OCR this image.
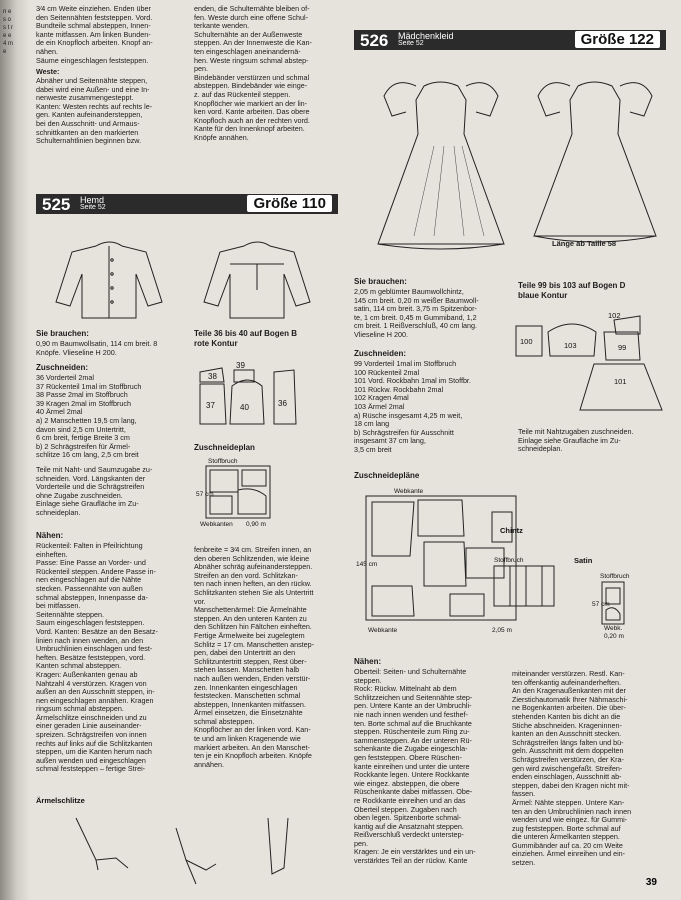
n e s o s t r e e 4 m e
3⁄4 cm Weite einziehen. Enden über
den Seitennähten feststeppen. Vord.
Bundteile schmal absteppen, Innen-
kante mitfassen. Am linken Bunden-
de ein Knopfloch arbeiten. Knopf an-
nähen.
Säume eingeschlagen feststeppen.
Weste:
Abnäher und Seitennähte steppen,
dabei wird eine Außen- und eine In-
nenweste zusammengesteppt.
Kanten: Westen rechts auf rechts le-
gen. Kanten aufeinandersteppen,
bei den Ausschnitt- und Armaus-
schnittkanten an den markierten
Schulternahtlinien beginnen bzw.
enden, die Schulternähte bleiben of-
fen. Weste durch eine offene Schul-
terkante wenden.
Schulternähte an der Außenweste
steppen. An der Innenweste die Kan-
ten eingeschlagen aneinandernä-
hen. Weste ringsum schmal abstep-
pen.
Bindebänder verstürzen und schmal
absteppen. Bindebänder wie einge-
z. auf das Rückenteil steppen.
Knopflöcher wie markiert an der lin-
ken vord. Kante arbeiten. Das obere
Knopfloch auch an der rechten vord.
Kante für den Innenknopf arbeiten.
Knöpfe annähen.
525 Hemd
Seite 52	Größe 110
Sie brauchen:
0,90 m Baumwollsatin, 114 cm breit. 8
Knöpfe. Vlieseline H 200.
Teile 36 bis 40 auf Bogen B
rote Kontur
38
39
37	40	36
Zuschneiden:
36 Vorderteil 2mal
37 Rückenteil 1mal im Stoffbruch
38 Passe 2mal im Stoffbruch
39 Kragen 2mal im Stoffbruch
40 Ärmel 2mal
a) 2 Manschetten 19,5 cm lang,
davon sind 2,5 cm Untertritt,
6 cm breit, fertige Breite 3 cm
b) 2 Schrägstreifen für Ärmel-
schlitze 16 cm lang, 2,5 cm breit
Teile mit Naht- und Saumzugabe zu-
schneiden. Vord. Längskanten der
Vorderteile und die Schrägstreifen
ohne Zugabe zuschneiden.
Einlage siehe Graufläche im Zu-
schneideplan.
Zuschneideplan
Stoffbruch
Webkanten 0,90 m
57 cm
Nähen:
Rückenteil: Falten in Pfeilrichtung
einheften.
Passe: Eine Passe an Vorder- und
Rückenteil steppen. Andere Passe in-
nen eingeschlagen auf die Nähte
stecken. Passennähte von außen
schmal absteppen, Innenpasse da-
bei mitfassen.
Seitennähte steppen.
Saum eingeschlagen feststeppen.
Vord. Kanten: Besätze an den Besatz-
linien nach innen wenden, an den
Umbruchlinien einschlagen und fest-
heften. Besätze feststeppen, vord.
Kanten schmal absteppen.
Kragen: Außenkanten genau ab
Nahtzahl 4 verstürzen. Kragen von
außen an den Ausschnitt steppen, in-
nen eingeschlagen annähen. Kragen
ringsum schmal absteppen.
Ärmelschlitze einschneiden und zu
einer geraden Linie auseinander-
spreizen. Schrägstreifen von innen
rechts auf links auf die Schlitzkanten
steppen, um die Kanten herum nach
außen wenden und eingeschlagen
schmal feststeppen – fertige Strei-
fenbreite = 3⁄4 cm. Streifen innen, an
den oberen Schlitzenden, wie kleine
Abnäher schräg aufeinandersteppen.
Streifen an den vord. Schlitzkan-
ten nach innen heften, an den rückw.
Schlitzkanten stehen Sie als Untertritt
vor.
Manschettenärmel: Die Ärmelnähte
steppen. An den unteren Kanten zu
den Schlitzen hin Fältchen einheften.
Fertige Ärmelweite bei zugelegtem
Schlitz = 17 cm. Manschetten anstep-
pen, dabei den Untertritt an den
Schlitzuntertritt steppen, Rest über-
stehen lassen. Manschetten halb
nach außen wenden, Enden verstür-
zen. Innenkanten eingeschlagen
feststecken. Manschetten schmal
absteppen, Innenkanten mitfassen.
Ärmel einsetzen, die Einsetznähte
schmal absteppen.
Knopflöcher an der linken vord. Kan-
te und am linken Kragenende wie
markiert arbeiten. An den Manschet-
ten je ein Knopfloch arbeiten. Knöpfe
annähen.
Ärmelschlitze
526 Mädchenkleid
Seite 52	Größe 122
Länge ab Taille 58
Sie brauchen:
2,05 m geblümter Baumwollchintz,
145 cm breit. 0,20 m weißer Baumwoll-
satin, 114 cm breit. 3,75 m Spitzenbor-
te, 1 cm breit. 0,45 m Gummiband, 1,2
cm breit. 1 Reißverschluß, 40 cm lang.
Vlieseline H 200.
Teile 99 bis 103 auf Bogen D
blaue Kontur
102
100	103	99
101
Teile mit Nahtzugaben zuschneiden.
Einlage siehe Graufläche im Zu-
schneideplan.
Zuschneiden:
99 Vorderteil 1mal im Stoffbruch
100 Rückenteil 2mal
101 Vord. Rockbahn 1mal im Stoffbr.
101 Rückw. Rockbahn 2mal
102 Kragen 4mal
103 Ärmel 2mal
a) Rüsche insgesamt 4,25 m weit,
18 cm lang
b) Schrägstreifen für Ausschnitt
insgesamt 37 cm lang,
3,5 cm breit
Zuschneidepläne
Webkante
Webkante	2,05 m
145 cm
Stoffbruch
Stoffbruch
57 cm
Webk.
0,20 m
Chintz
Satin
Nähen:
Oberteil: Seiten- und Schulternähte
steppen.
Rock: Rückw. Mittelnaht ab dem
Schlitzzeichen und Seitennähte step-
pen. Untere Kante an der Umbruchli-
nie nach innen wenden und festhef-
ten. Borte schmal auf die Bruchkante
steppen. Rüschenteile zum Ring zu-
sammensteppen. An der unteren Rü-
schenkante die Zugabe eingeschla-
gen feststeppen. Obere Rüschen-
kante einreihen und unter die untere
Rockkante legen. Untere Rockkante
wie eingez. absteppen, die obere
Rüschenkante dabei mitfassen. Obe-
re Rockkante einreihen und an das
Oberteil steppen. Zugaben nach
oben legen. Spitzenborte schmal-
kantig auf die Ansatznaht steppen.
Reißverschluß verdeckt unterstep-
pen.
Kragen: Je ein verstärktes und ein un-
verstärktes Teil an der rückw. Kante
miteinander verstürzen. Restl. Kan-
ten offenkantig aufeinanderheften.
An den Kragenaußenkanten mit der
Zierstichautomatik Ihrer Nähmaschi-
ne Bogenkanten arbeiten. Die über-
stehenden Kanten bis dicht an die
Stiche abschneiden. Krageninnen-
kanten an den Ausschnitt stecken.
Schrägstreifen längs falten und bü-
geln. Ausschnitt mit dem doppelten
Schrägstreifen verstürzen, der Kra-
gen wird zwischengefaßt. Streifen-
enden einschlagen, Ausschnitt ab-
steppen, dabei den Kragen nicht mit-
fassen.
Ärmel: Nähte steppen. Untere Kan-
ten an den Umbruchlinien nach innen
wenden und wie eingez. für Gummi-
zug feststeppen. Borte schmal auf
die unteren Ärmelkanten steppen.
Gummibänder auf ca. 20 cm Weite
einziehen. Ärmel einreihen und ein-
setzen.
39
